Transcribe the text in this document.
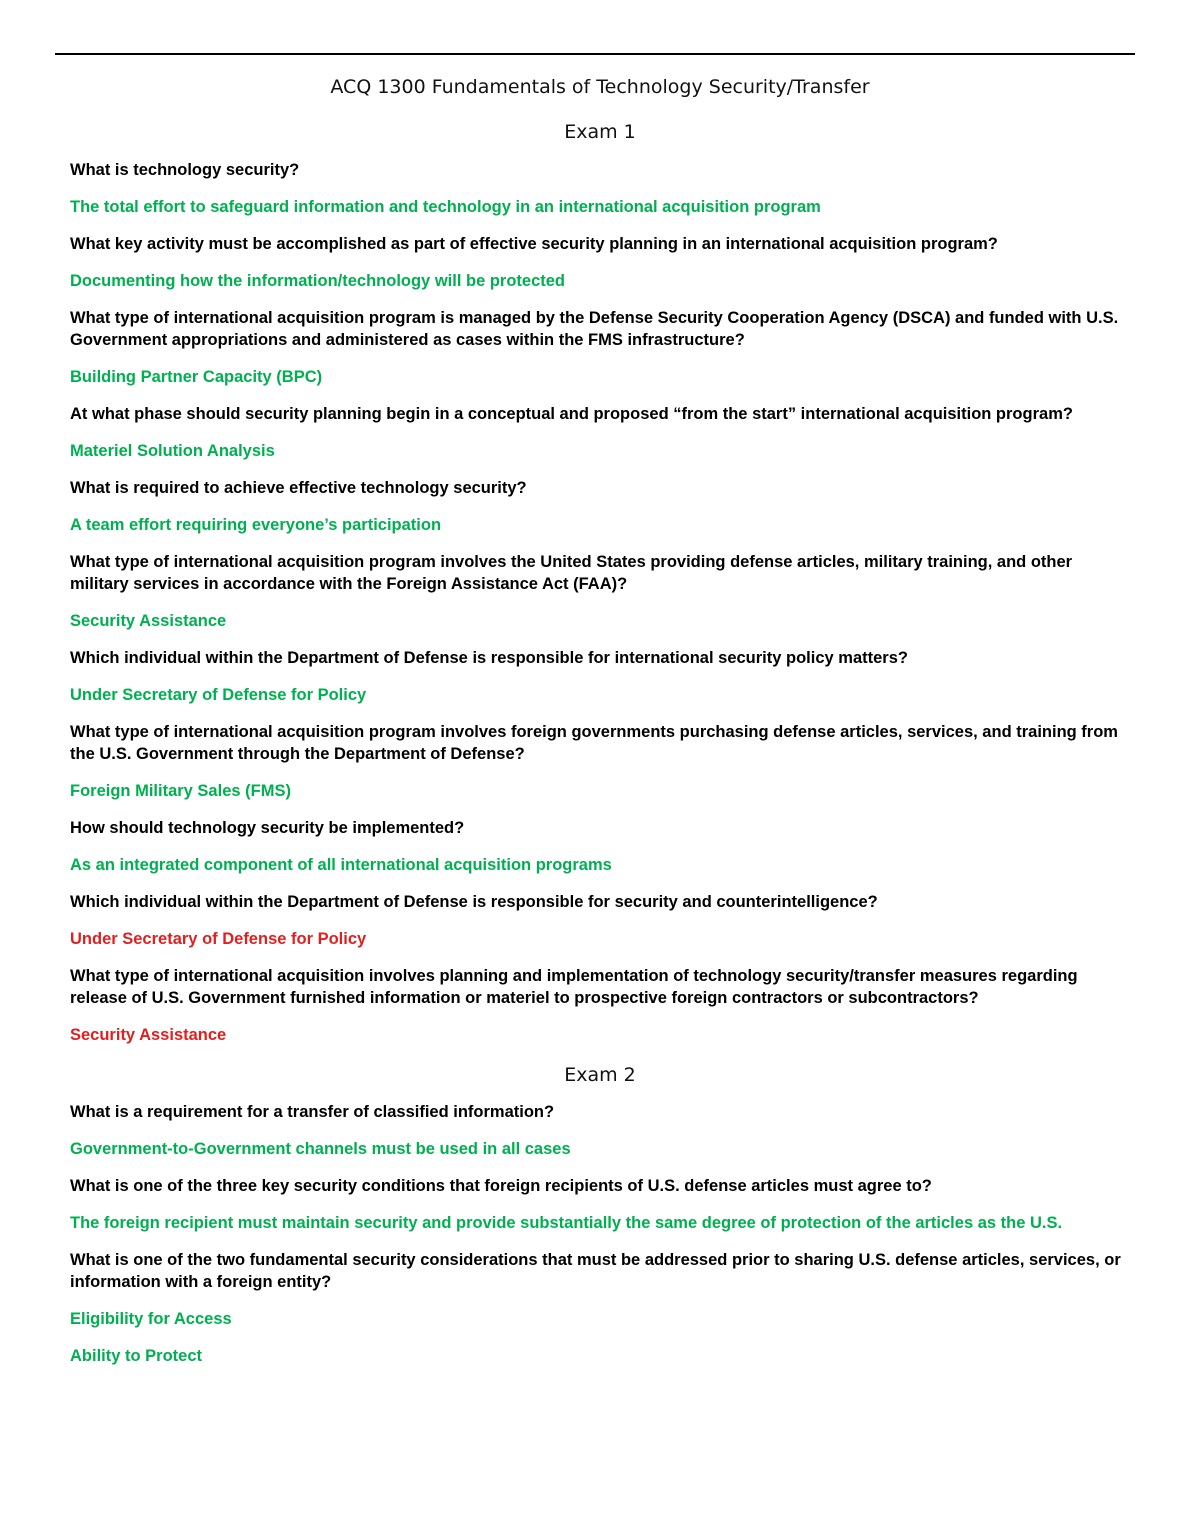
ACQ 1300 Fundamentals of Technology Security/Transfer
Exam 1

What is technology security?

The total effort to safeguard information and technology in an international acquisition program

What key activity must be accomplished as part of effective security planning in an international acquisition program?

Documenting how the information/technology will be protected

What type of international acquisition program is managed by the Defense Security Cooperation Agency (DSCA) and funded with U.S. Government appropriations and administered as cases within the FMS infrastructure?

Building Partner Capacity (BPC)

At what phase should security planning begin in a conceptual and proposed “from the start” international acquisition program?

Materiel Solution Analysis

What is required to achieve effective technology security?

A team effort requiring everyone’s participation

What type of international acquisition program involves the United States providing defense articles, military training, and other military services in accordance with the Foreign Assistance Act (FAA)?

Security Assistance

Which individual within the Department of Defense is responsible for international security policy matters?

Under Secretary of Defense for Policy

What type of international acquisition program involves foreign governments purchasing defense articles, services, and training from the U.S. Government through the Department of Defense?

Foreign Military Sales (FMS)

How should technology security be implemented?

As an integrated component of all international acquisition programs

Which individual within the Department of Defense is responsible for security and counterintelligence?

Under Secretary of Defense for Policy

What type of international acquisition involves planning and implementation of technology security/transfer measures regarding release of U.S. Government furnished information or materiel to prospective foreign contractors or subcontractors?

Security Assistance

Exam 2

What is a requirement for a transfer of classified information?

Government-to-Government channels must be used in all cases

What is one of the three key security conditions that foreign recipients of U.S. defense articles must agree to?

The foreign recipient must maintain security and provide substantially the same degree of protection of the articles as the U.S.

What is one of the two fundamental security considerations that must be addressed prior to sharing U.S. defense articles, services, or information with a foreign entity?

Eligibility for Access

Ability to Protect
